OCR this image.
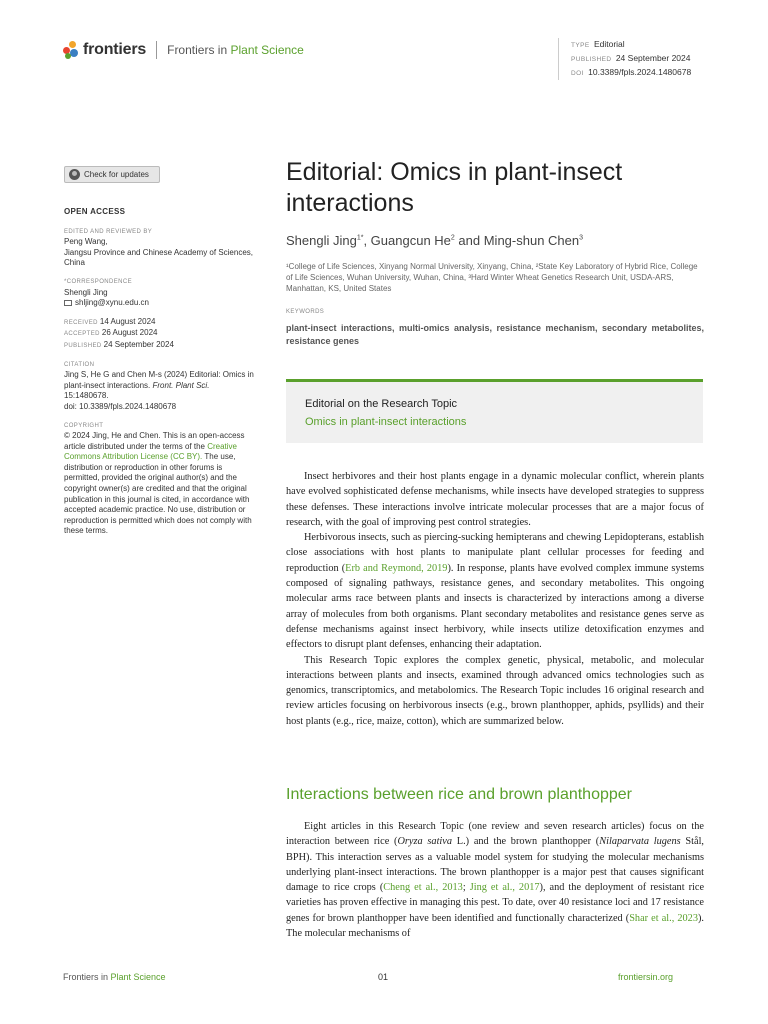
frontiers Frontiers in Plant Science	TYPE Editorial
PUBLISHED 24 September 2024
DOI 10.3389/fpls.2024.1480678
Check for updates
OPEN ACCESS
EDITED AND REVIEWED BY
Peng Wang,
Jiangsu Province and Chinese Academy of Sciences, China
*CORRESPONDENCE
Shengli Jing
shljing@xynu.edu.cn
RECEIVED 14 August 2024
ACCEPTED 26 August 2024
PUBLISHED 24 September 2024
CITATION
Jing S, He G and Chen M-s (2024) Editorial: Omics in plant-insect interactions. Front. Plant Sci. 15:1480678.
doi: 10.3389/fpls.2024.1480678
COPYRIGHT
© 2024 Jing, He and Chen. This is an open-access article distributed under the terms of the Creative Commons Attribution License (CC BY). The use, distribution or reproduction in other forums is permitted, provided the original author(s) and the copyright owner(s) are credited and that the original publication in this journal is cited, in accordance with accepted academic practice. No use, distribution or reproduction is permitted which does not comply with these terms.
Editorial: Omics in plant-insect interactions
Shengli Jing$^{1*}$, Guangcun He$^2$ and Ming-shun Chen$^3$
¹College of Life Sciences, Xinyang Normal University, Xinyang, China, ²State Key Laboratory of Hybrid Rice, College of Life Sciences, Wuhan University, Wuhan, China, ³Hard Winter Wheat Genetics Research Unit, USDA-ARS, Manhattan, KS, United States
KEYWORDS
plant-insect interactions, multi-omics analysis, resistance mechanism, secondary metabolites, resistance genes
Editorial on the Research Topic
Omics in plant-insect interactions

Insect herbivores and their host plants engage in a dynamic molecular conflict, wherein plants have evolved sophisticated defense mechanisms, while insects have developed strategies to suppress these defenses. These interactions involve intricate molecular processes that are a major focus of research, with the goal of improving pest control strategies.

Herbivorous insects, such as piercing-sucking hemipterans and chewing Lepidopterans, establish close associations with host plants to manipulate plant cellular processes for feeding and reproduction (Erb and Reymond, 2019). In response, plants have evolved complex immune systems composed of signaling pathways, resistance genes, and secondary metabolites. This ongoing molecular arms race between plants and insects is characterized by interactions among a diverse array of molecules from both organisms. Plant secondary metabolites and resistance genes serve as defense mechanisms against insect herbivory, while insects utilize detoxification enzymes and effectors to disrupt plant defenses, enhancing their adaptation.

This Research Topic explores the complex genetic, physical, metabolic, and molecular interactions between plants and insects, examined through advanced omics technologies such as genomics, transcriptomics, and metabolomics. The Research Topic includes 16 original research and review articles focusing on herbivorous insects (e.g., brown planthopper, aphids, psyllids) and their host plants (e.g., rice, maize, cotton), which are summarized below.

Interactions between rice and brown planthopper

Eight articles in this Research Topic (one review and seven research articles) focus on the interaction between rice (Oryza sativa L.) and the brown planthopper (Nilaparvata lugens Stål, BPH). This interaction serves as a valuable model system for studying the molecular mechanisms underlying plant-insect interactions. The brown planthopper is a major pest that causes significant damage to rice crops (Cheng et al., 2013; Jing et al., 2017), and the deployment of resistant rice varieties has proven effective in managing this pest. To date, over 40 resistance loci and 17 resistance genes for brown planthopper have been identified and functionally characterized (Shar et al., 2023). The molecular mechanisms of

Frontiers in Plant Science	01	frontiersin.org
